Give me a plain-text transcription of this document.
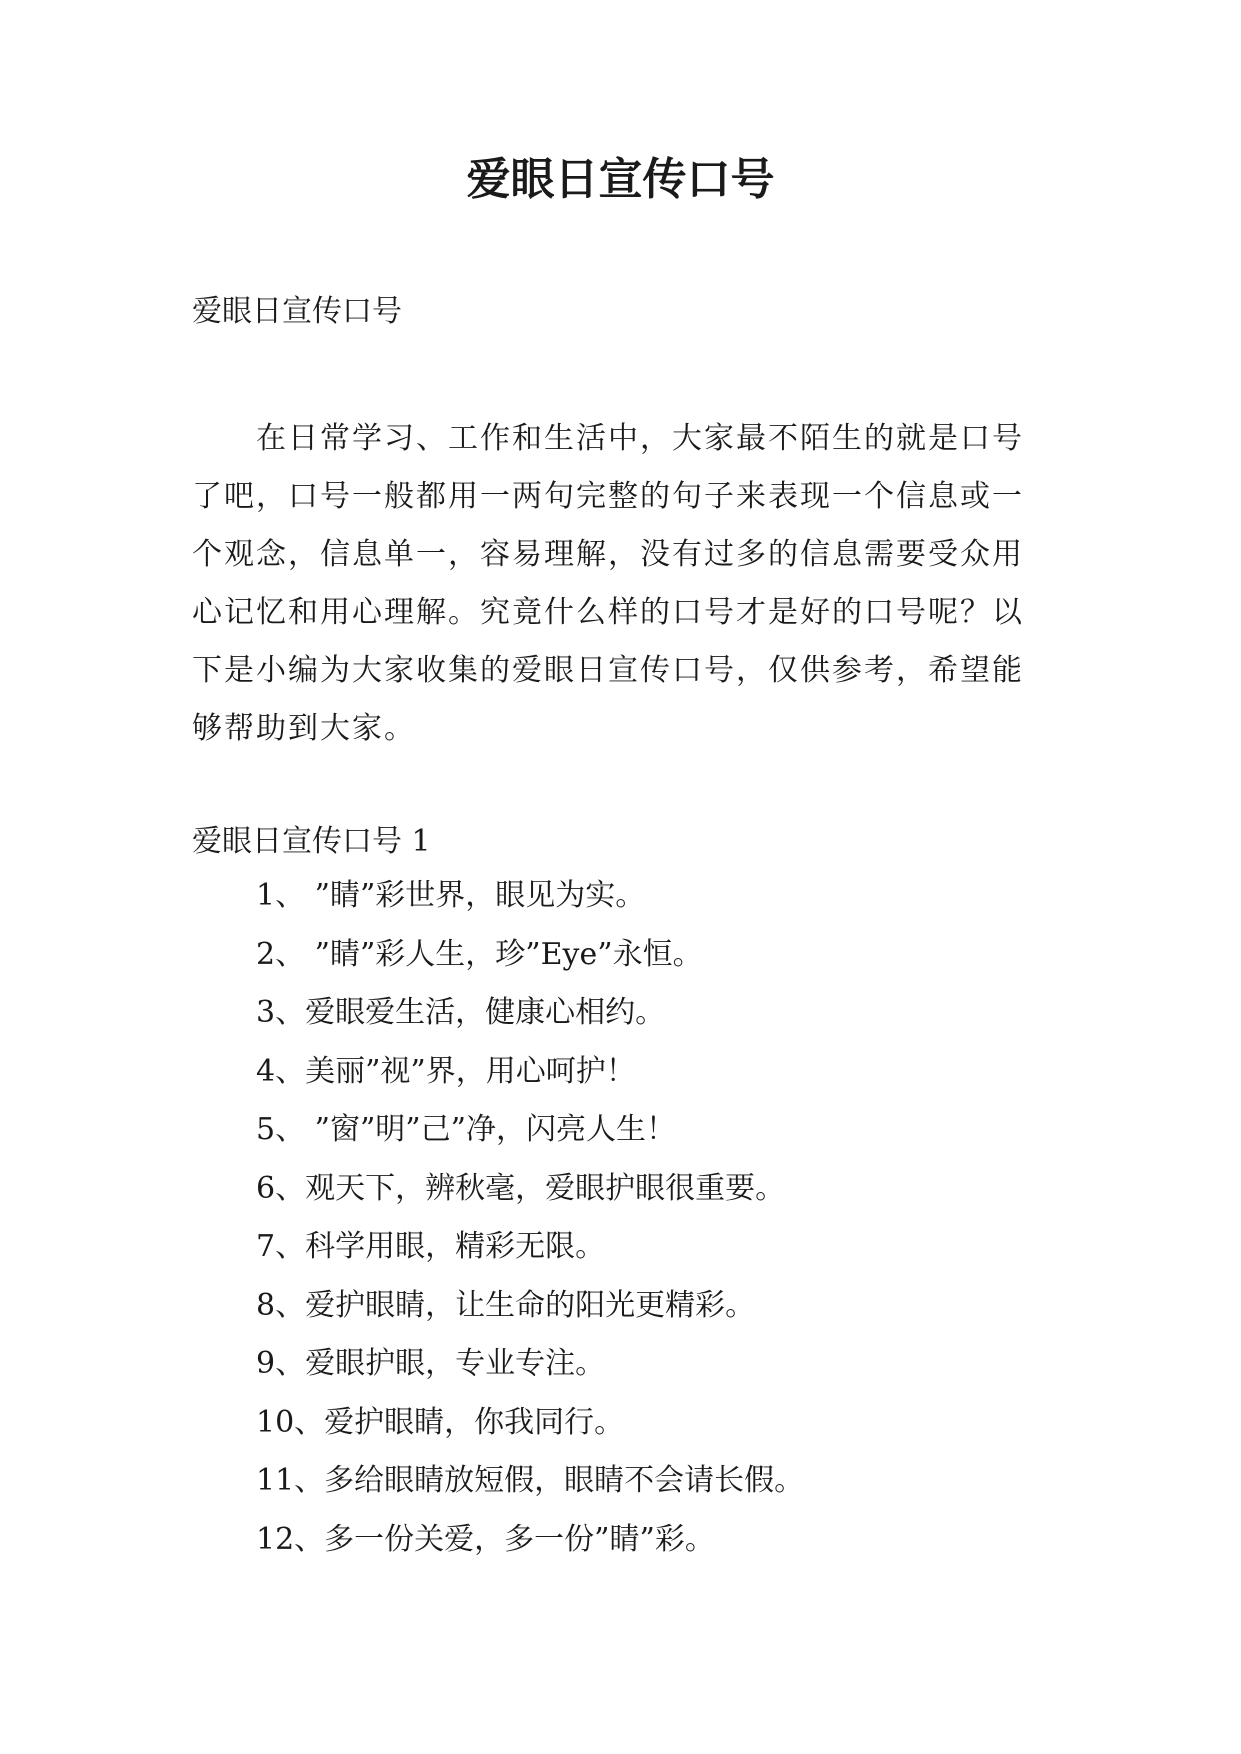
爱眼日宣传口号

爱眼日宣传口号

在日常学习、工作和生活中，大家最不陌生的就是口号了吧，口号一般都用一两句完整的句子来表现一个信息或一个观念，信息单一，容易理解，没有过多的信息需要受众用心记忆和用心理解。究竟什么样的口号才是好的口号呢？以下是小编为大家收集的爱眼日宣传口号，仅供参考，希望能够帮助到大家。

爱眼日宣传口号 1

1、 ”睛”彩世界，眼见为实。
2、 ”睛”彩人生，珍”Eye”永恒。
3、爱眼爱生活，健康心相约。
4、美丽”视”界，用心呵护！
5、 ”窗”明”己”净，闪亮人生！
6、观天下，辨秋毫，爱眼护眼很重要。
7、科学用眼，精彩无限。
8、爱护眼睛，让生命的阳光更精彩。
9、爱眼护眼，专业专注。
10、爱护眼睛，你我同行。
11、多给眼睛放短假，眼睛不会请长假。
12、多一份关爱，多一份”睛”彩。
